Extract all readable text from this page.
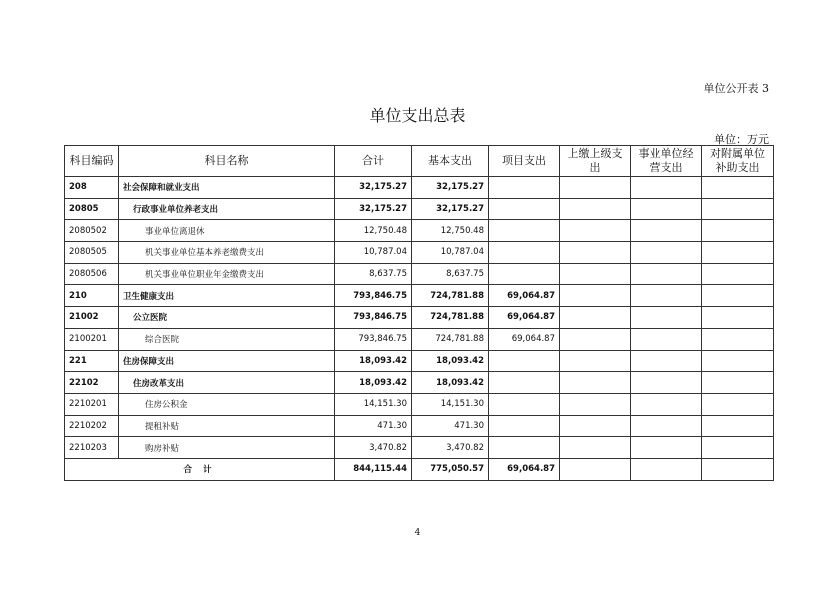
单位公开表 3
单位支出总表
单位：万元
科目编码	科目名称	合计	基本支出	项目支出	上缴上级支出	事业单位经营支出	对附属单位补助支出
208	社会保障和就业支出	32,175.27	32,175.27				
20805	行政事业单位养老支出	32,175.27	32,175.27				
2080502	事业单位离退休	12,750.48	12,750.48				
2080505	机关事业单位基本养老缴费支出	10,787.04	10,787.04				
2080506	机关事业单位职业年金缴费支出	8,637.75	8,637.75				
210	卫生健康支出	793,846.75	724,781.88	69,064.87			
21002	公立医院	793,846.75	724,781.88	69,064.87			
2100201	综合医院	793,846.75	724,781.88	69,064.87			
221	住房保障支出	18,093.42	18,093.42				
22102	住房改革支出	18,093.42	18,093.42				
2210201	住房公积金	14,151.30	14,151.30				
2210202	提租补贴	471.30	471.30				
2210203	购房补贴	3,470.82	3,470.82				
合 计		844,115.44	775,050.57	69,064.87			
4
